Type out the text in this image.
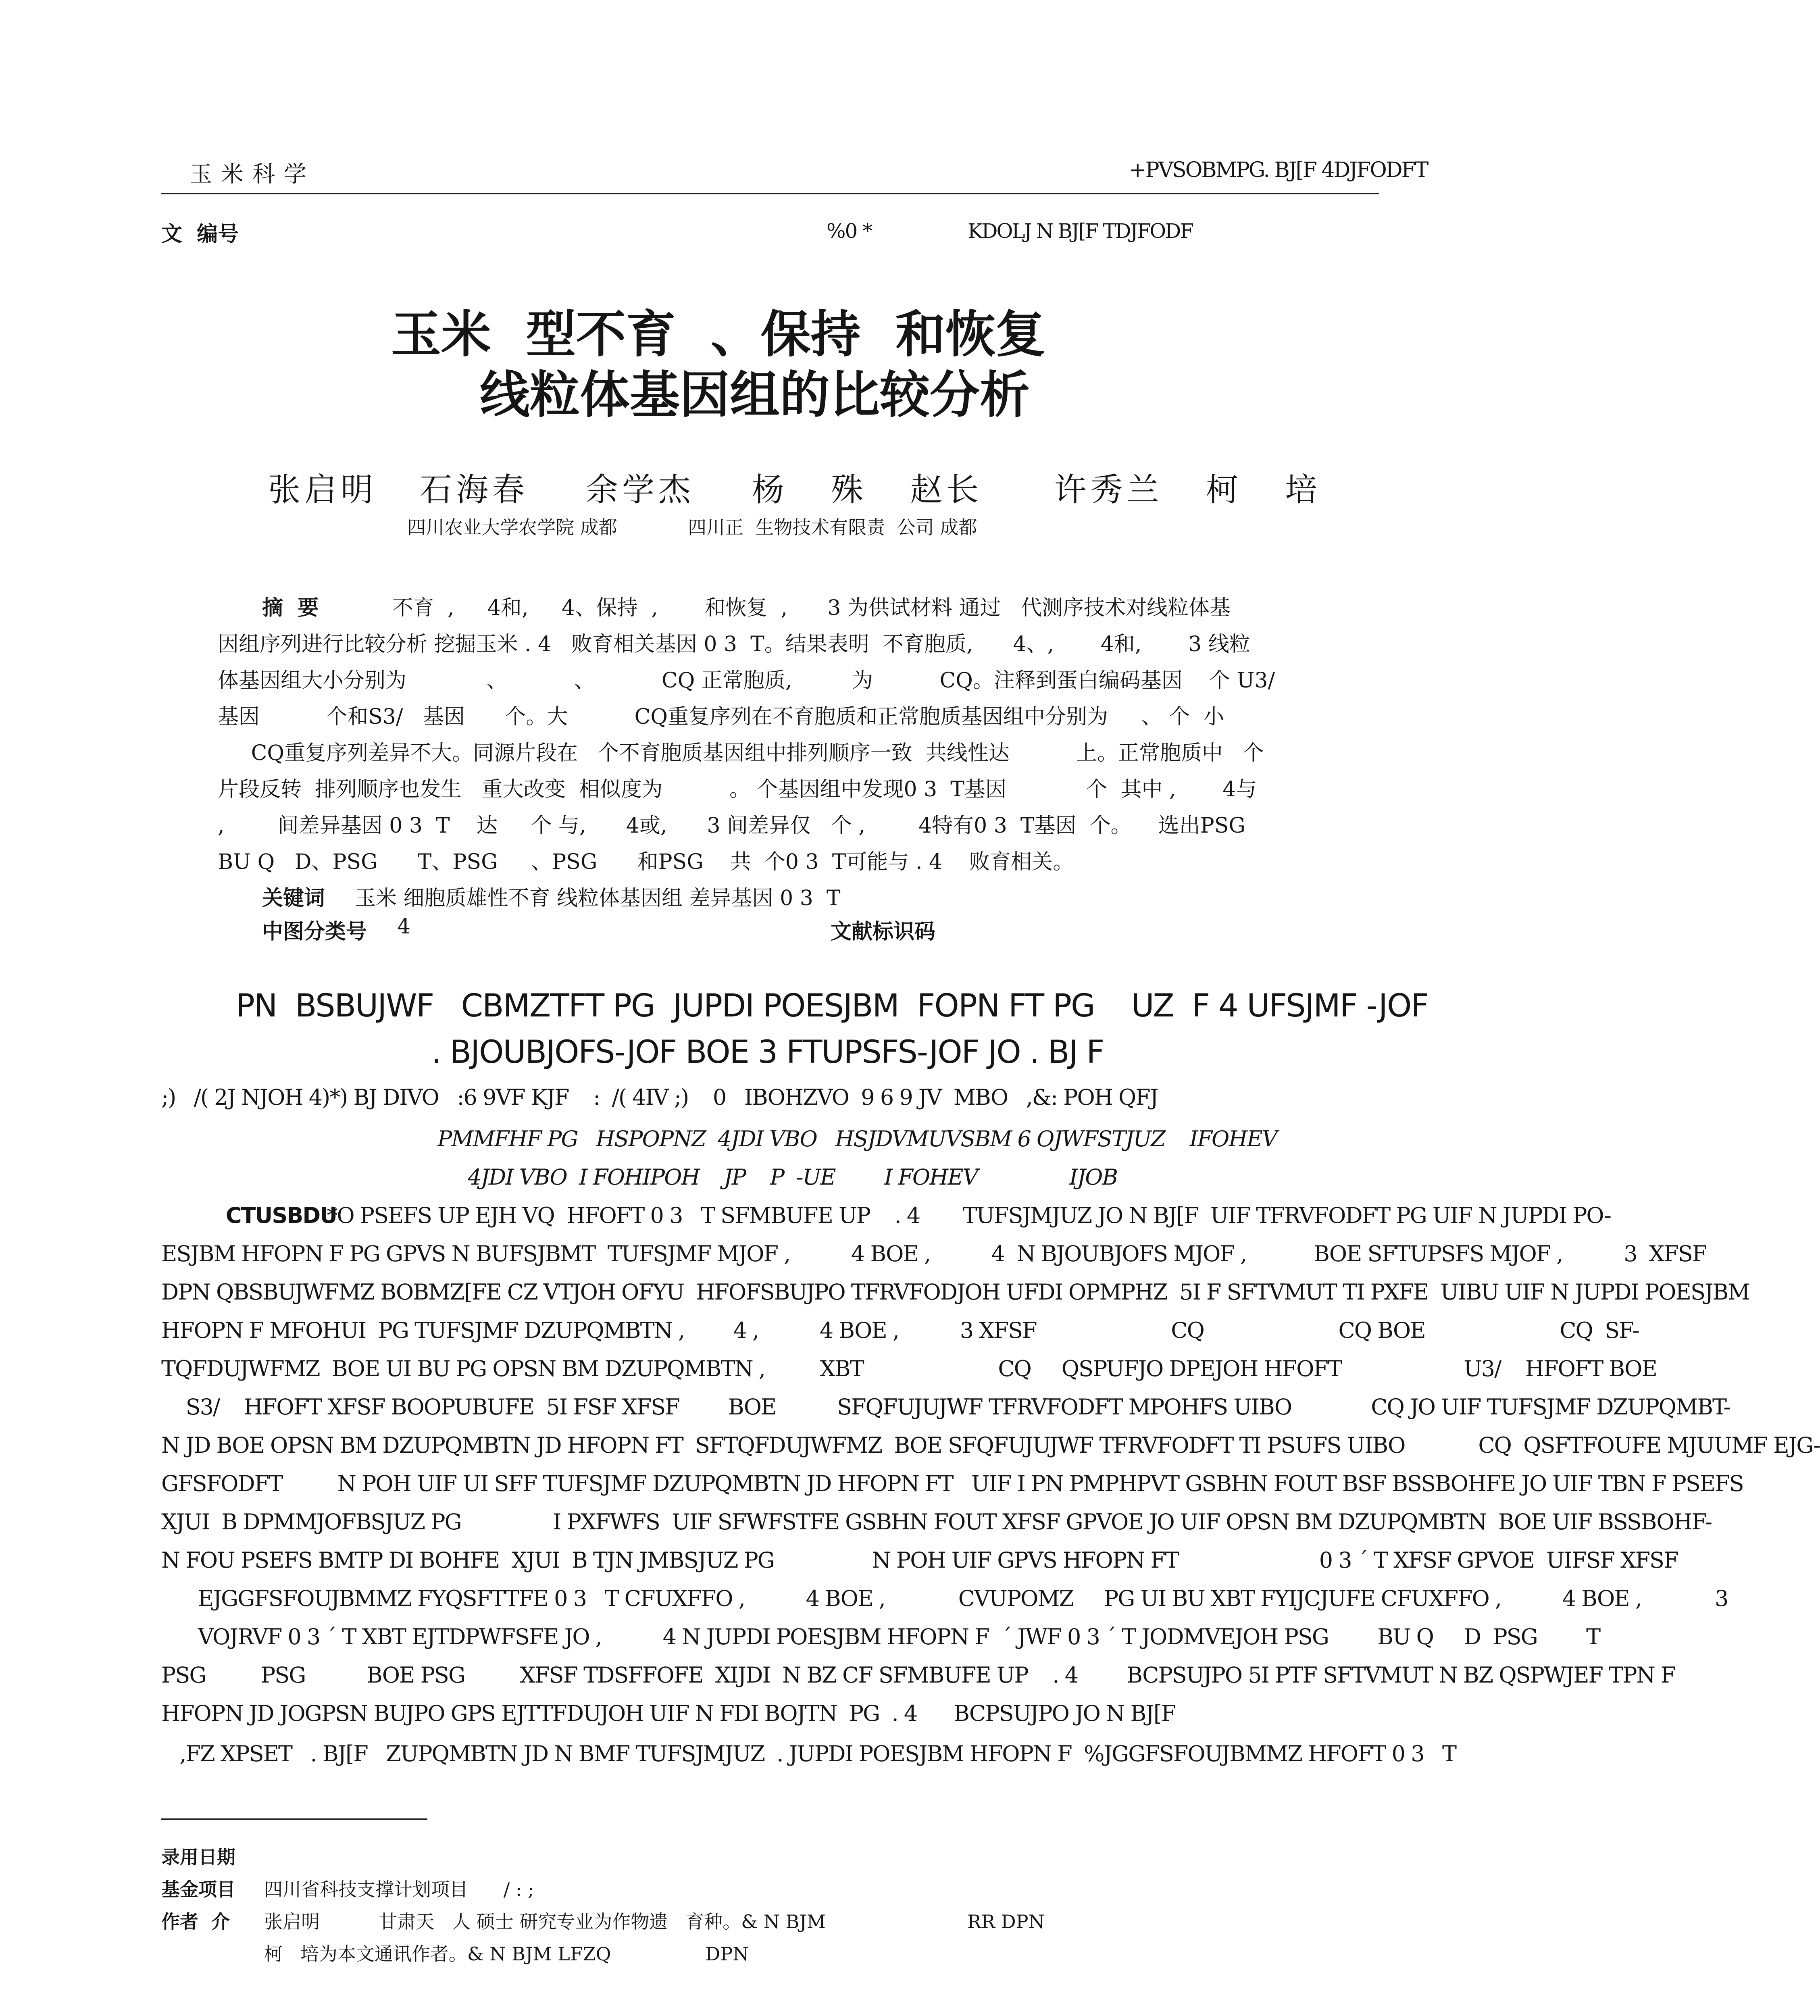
玉米科学	+PVSOBMPG. BJ[F 4DJFODFT
文  编号	%0 *	KDOLJ N BJ[F TDJFODF
玉米  型不育  、保持  和恢复
线粒体基因组的比较分析
张启明   石海春    余学杰    杨   殊   赵长     许秀兰   柯   培
四川农业大学农学院 成都            四川正  生物技术有限责  公司 成都
摘  要 不育  ,     4和,     4、保持  ,       和恢复  ,      3 为供试材料 通过   代测序技术对线粒体基
因组序列进行比较分析 挖掘玉米 . 4   败育相关基因 0 3  T。结果表明  不育胞质,      4、,       4和,       3 线粒
体基因组大小分别为            、          、          CQ 正常胞质,         为          CQ。注释到蛋白编码基因    个 U3/
基因          个和S3/   基因      个。大          CQ重复序列在不育胞质和正常胞质基因组中分别为     、 个  小
CQ重复序列差异不大。同源片段在   个不育胞质基因组中排列顺序一致  共线性达          上。正常胞质中   个
片段反转  排列顺序也发生   重大改变  相似度为          。 个基因组中发现0 3  T基因            个  其中 ,       4与
,        间差异基因 0 3  T    达     个 与,      4或,      3 间差异仅   个 ,        4特有0 3  T基因  个。    选出PSG
BU Q   D、PSG      T、PSG     、PSG      和PSG    共  个0 3  T可能与 . 4    败育相关。
关键词 玉米 细胞质雄性不育 线粒体基因组 差异基因 0 3  T
中图分类号 4	文献标识码
PN  BSBUJWF   CBMZTFT PG  JUPDI POESJBM  FOPN FT PG    UZ  F 4 UFSJMF -JOF
. BJOUBJOFS-JOF BOE 3 FTUPSFS-JOF JO . BJ F
;)   /( 2J NJOH 4)*) BJ DIVO   :6 9VF KJF    :  /( 4IV ;)    0   IBOHZVO  9 6 9 JV  MBO   ,&: POH QFJ
PMMFHF PG   HSPOPNZ  4JDI VBO   HSJDVMUVSBM 6 OJWFSTJUZ    IFOHEV
4JDI VBO  I FOHIPOH    JP    P  -UE        I FOHEV               IJOB
CTUSBDU
*O PSEFS UP EJH VQ  HFOFT 0 3   T SFMBUFE UP    . 4       TUFSJMJUZ JO N BJ[F  UIF TFRVFODFT PG UIF N JUPDI PO-
ESJBM HFOPN F PG GPVS N BUFSJBMT  TUFSJMF MJOF ,          4 BOE ,          4  N BJOUBJOFS MJOF ,           BOE SFTUPSFS MJOF ,          3  XFSF
DPN QBSBUJWFMZ BOBMZ[FE CZ VTJOH OFYU  HFOFSBUJPO TFRVFODJOH UFDI OPMPHZ  5I F SFTVMUT TI PXFE  UIBU UIF N JUPDI POESJBM
HFOPN F MFOHUI  PG TUFSJMF DZUPQMBTN ,        4 ,          4 BOE ,          3 XFSF                      CQ                      CQ BOE                      CQ  SF-
TQFDUJWFMZ  BOE UI BU PG OPSN BM DZUPQMBTN ,         XBT                      CQ     QSPUFJO DPEJOH HFOFT                    U3/    HFOFT BOE
S3/    HFOFT XFSF BOOPUBUFE  5I FSF XFSF        BOE          SFQFUJUJWF TFRVFODFT MPOHFS UIBO             CQ JO UIF TUFSJMF DZUPQMBT-
N JD BOE OPSN BM DZUPQMBTN JD HFOPN FT  SFTQFDUJWFMZ  BOE SFQFUJUJWF TFRVFODFT TI PSUFS UIBO            CQ  QSFTFOUFE MJUUMF EJG-
GFSFODFT         N POH UIF UI SFF TUFSJMF DZUPQMBTN JD HFOPN FT   UIF I PN PMPHPVT GSBHN FOUT BSF BSSBOHFE JO UIF TBN F PSEFS
XJUI  B DPMMJOFBSJUZ PG               I PXFWFS  UIF SFWFSTFE GSBHN FOUT XFSF GPVOE JO UIF OPSN BM DZUPQMBTN  BOE UIF BSSBOHF-
N FOU PSEFS BMTP DI BOHFE  XJUI  B TJN JMBSJUZ PG                N POH UIF GPVS HFOPN FT                       0 3 ´ T XFSF GPVOE  UIFSF XFSF
EJGGFSFOUJBMMZ FYQSFTTFE 0 3   T CFUXFFO ,          4 BOE ,            CVUPOMZ     PG UI BU XBT FYIJCJUFE CFUXFFO ,          4 BOE ,            3
VOJRVF 0 3 ´ T XBT EJTDPWFSFE JO ,          4 N JUPDI POESJBM HFOPN F  ´ JWF 0 3 ´ T JODMVEJOH PSG        BU Q     D  PSG        T
PSG         PSG          BOE PSG         XFSF TDSFFOFE  XIJDI  N BZ CF SFMBUFE UP    . 4        BCPSUJPO 5I PTF SFTVMUT N BZ QSPWJEF TPN F
HFOPN JD JOGPSN BUJPO GPS EJTTFDUJOH UIF N FDI BOJTN  PG  . 4      BCPSUJPO JO N BJ[F
,FZ XPSET   . BJ[F   ZUPQMBTN JD N BMF TUFSJMJUZ  . JUPDI POESJBM HFOPN F  %JGGFSFOUJBMMZ HFOFT 0 3   T
录用日期
基金项目 四川省科技支撑计划项目      / : ;
作者  介 张启明          甘肃天   人 硕士 研究专业为作物遗   育种。& N BJM                        RR DPN
柯   培为本文通讯作者。& N BJM LFZQ                DPN
